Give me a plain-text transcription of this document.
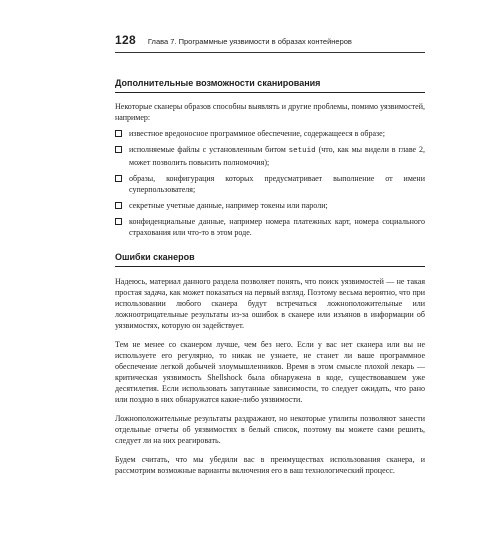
128 Глава 7. Программные уязвимости в образах контейнеров
Дополнительные возможности сканирования

Некоторые сканеры образов способны выявлять и другие проблемы, помимо уязвимостей, например:

известное вредоносное программное обеспечение, содержащееся в образе;
исполняемые файлы с установленным битом setuid (что, как мы видели в главе 2, может позволить повысить полномочия);
образы, конфигурация которых предусматривает выполнение от имени суперпользователя;
секретные учетные данные, например токены или пароли;
конфиденциальные данные, например номера платежных карт, номера социального страхования или что-то в этом роде.
Ошибки сканеров

Надеюсь, материал данного раздела позволяет понять, что поиск уязвимостей — не такая простая задача, как может показаться на первый взгляд. Поэтому весьма вероятно, что при использовании любого сканера будут встречаться ложноположительные или ложноотрицательные результаты из-за ошибок в сканере или изъянов в информации об уязвимостях, которую он задействует.

Тем не менее со сканером лучше, чем без него. Если у вас нет сканера или вы не используете его регулярно, то никак не узнаете, не станет ли ваше программное обеспечение легкой добычей злоумышленников. Время в этом смысле плохой лекарь — критическая уязвимость Shellshock была обнаружена в коде, существовавшем уже десятилетия. Если использовать запутанные зависимости, то следует ожидать, что рано или поздно в них обнаружатся какие-либо уязвимости.

Ложноположительные результаты раздражают, но некоторые утилиты позволяют занести отдельные отчеты об уязвимостях в белый список, поэтому вы можете сами решить, следует ли на них реагировать.

Будем считать, что мы убедили вас в преимуществах использования сканера, и рассмотрим возможные варианты включения его в ваш технологический процесс.
